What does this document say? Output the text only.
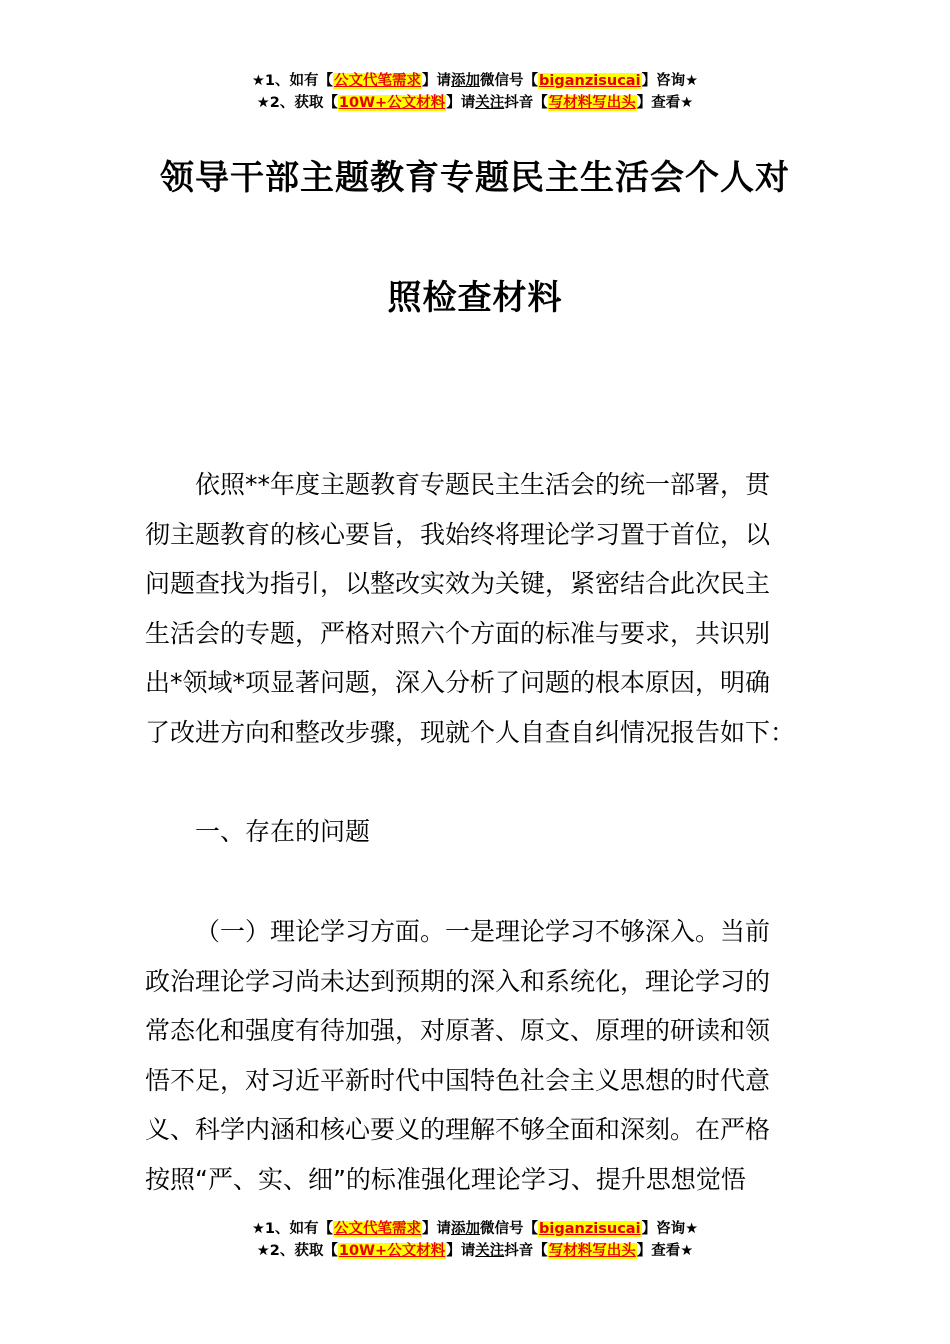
★1、如有【公文代笔需求】请添加微信号【biganzisucai】咨询★
★2、获取【10W+公文材料】请关注抖音【写材料写出头】查看★
领导干部主题教育专题民主生活会个人对
照检查材料
依照**年度主题教育专题民主生活会的统一部署，贯
彻主题教育的核心要旨，我始终将理论学习置于首位，以
问题查找为指引，以整改实效为关键，紧密结合此次民主
生活会的专题，严格对照六个方面的标准与要求，共识别
出*领域*项显著问题，深入分析了问题的根本原因，明确
了改进方向和整改步骤，现就个人自查自纠情况报告如下：
一、存在的问题
（一）理论学习方面。一是理论学习不够深入。当前
政治理论学习尚未达到预期的深入和系统化，理论学习的
常态化和强度有待加强，对原著、原文、原理的研读和领
悟不足，对习近平新时代中国特色社会主义思想的时代意
义、科学内涵和核心要义的理解不够全面和深刻。在严格
按照“严、实、细”的标准强化理论学习、提升思想觉悟
★1、如有【公文代笔需求】请添加微信号【biganzisucai】咨询★
★2、获取【10W+公文材料】请关注抖音【写材料写出头】查看★
